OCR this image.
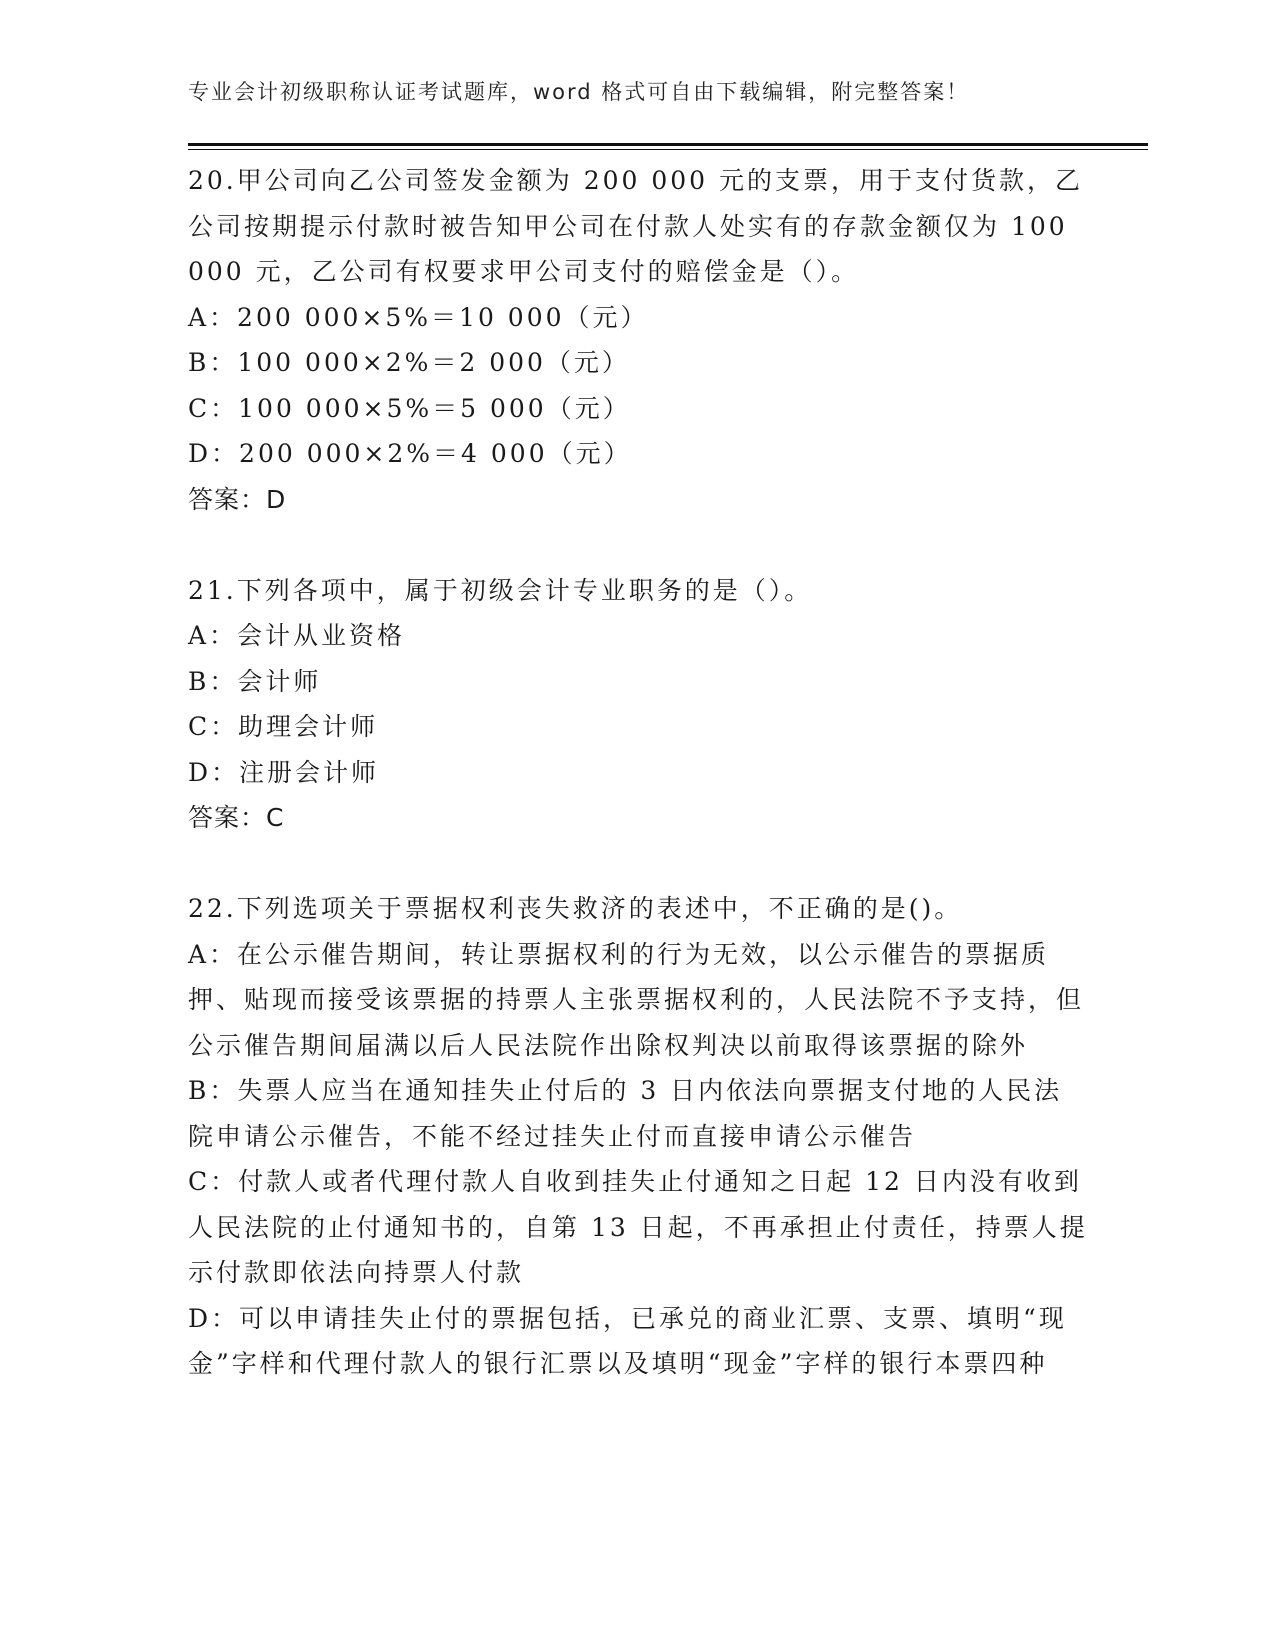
专业会计初级职称认证考试题库，word 格式可自由下载编辑，附完整答案！

20.甲公司向乙公司签发金额为 200 000 元的支票，用于支付货款，乙公司按期提示付款时被告知甲公司在付款人处实有的存款金额仅为 100 000 元，乙公司有权要求甲公司支付的赔偿金是（）。

A：200 000×5%＝10 000（元）

B：100 000×2%＝2 000（元）

C：100 000×5%＝5 000（元）

D：200 000×2%＝4 000（元）

答案：D

21.下列各项中，属于初级会计专业职务的是（）。

A：会计从业资格

B：会计师

C：助理会计师

D：注册会计师

答案：C

22.下列选项关于票据权利丧失救济的表述中，不正确的是()。

A：在公示催告期间，转让票据权利的行为无效，以公示催告的票据质押、贴现而接受该票据的持票人主张票据权利的，人民法院不予支持，但公示催告期间届满以后人民法院作出除权判决以前取得该票据的除外

B：失票人应当在通知挂失止付后的 3 日内依法向票据支付地的人民法院申请公示催告，不能不经过挂失止付而直接申请公示催告

C：付款人或者代理付款人自收到挂失止付通知之日起 12 日内没有收到人民法院的止付通知书的，自第 13 日起，不再承担止付责任，持票人提示付款即依法向持票人付款

D：可以申请挂失止付的票据包括，已承兑的商业汇票、支票、填明“现金”字样和代理付款人的银行汇票以及填明“现金”字样的银行本票四种
